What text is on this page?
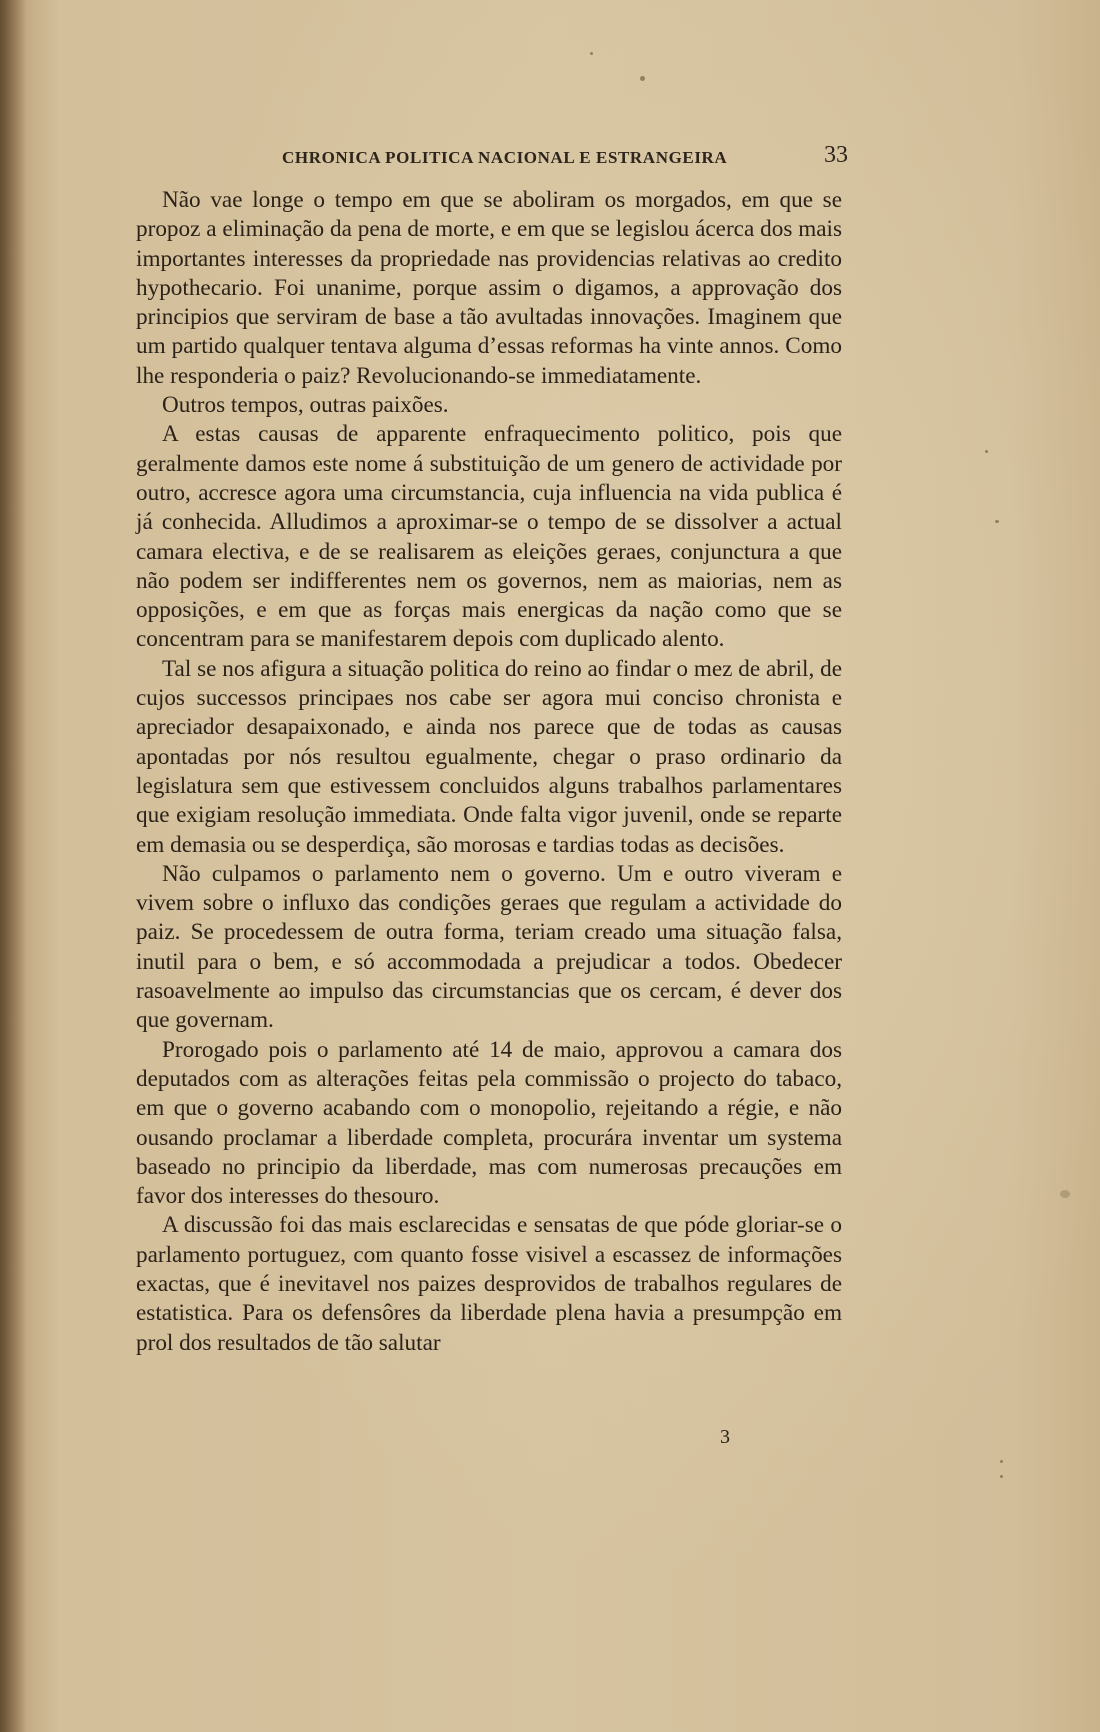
CHRONICA POLITICA NACIONAL E ESTRANGEIRA	33

Não vae longe o tempo em que se aboliram os morgados, em que se propoz a eliminação da pena de morte, e em que se legislou ácerca dos mais importantes interesses da propriedade nas providencias relativas ao credito hypothecario. Foi unanime, porque assim o digamos, a approvação dos principios que serviram de base a tão avultadas innovações. Imaginem que um partido qualquer tentava alguma d’essas reformas ha vinte annos. Como lhe responderia o paiz? Revolucionando-se immediatamente.

Outros tempos, outras paixões.

A estas causas de apparente enfraquecimento politico, pois que geralmente damos este nome á substituição de um genero de actividade por outro, accresce agora uma circumstancia, cuja influencia na vida publica é já conhecida. Alludimos a aproximar-se o tempo de se dissolver a actual camara electiva, e de se realisarem as eleições geraes, conjunctura a que não podem ser indifferentes nem os governos, nem as maiorias, nem as opposições, e em que as forças mais energicas da nação como que se concentram para se manifestarem depois com duplicado alento.

Tal se nos afigura a situação politica do reino ao findar o mez de abril, de cujos successos principaes nos cabe ser agora mui conciso chronista e apreciador desapaixonado, e ainda nos parece que de todas as causas apontadas por nós resultou egualmente, chegar o praso ordinario da legislatura sem que estivessem concluidos alguns trabalhos parlamentares que exigiam resolução immediata. Onde falta vigor juvenil, onde se reparte em demasia ou se desperdiça, são morosas e tardias todas as decisões.

Não culpamos o parlamento nem o governo. Um e outro viveram e vivem sobre o influxo das condições geraes que regulam a actividade do paiz. Se procedessem de outra forma, teriam creado uma situação falsa, inutil para o bem, e só accommodada a prejudicar a todos. Obedecer rasoavelmente ao impulso das circumstancias que os cercam, é dever dos que governam.

Prorogado pois o parlamento até 14 de maio, approvou a camara dos deputados com as alterações feitas pela commissão o projecto do tabaco, em que o governo acabando com o monopolio, rejeitando a régie, e não ousando proclamar a liberdade completa, procurára inventar um systema baseado no principio da liberdade, mas com numerosas precauções em favor dos interesses do thesouro.

A discussão foi das mais esclarecidas e sensatas de que póde gloriar-se o parlamento portuguez, com quanto fosse visivel a escassez de informações exactas, que é inevitavel nos paizes desprovidos de trabalhos regulares de estatistica. Para os defensôres da liberdade plena havia a presumpção em prol dos resultados de tão salutar

3
